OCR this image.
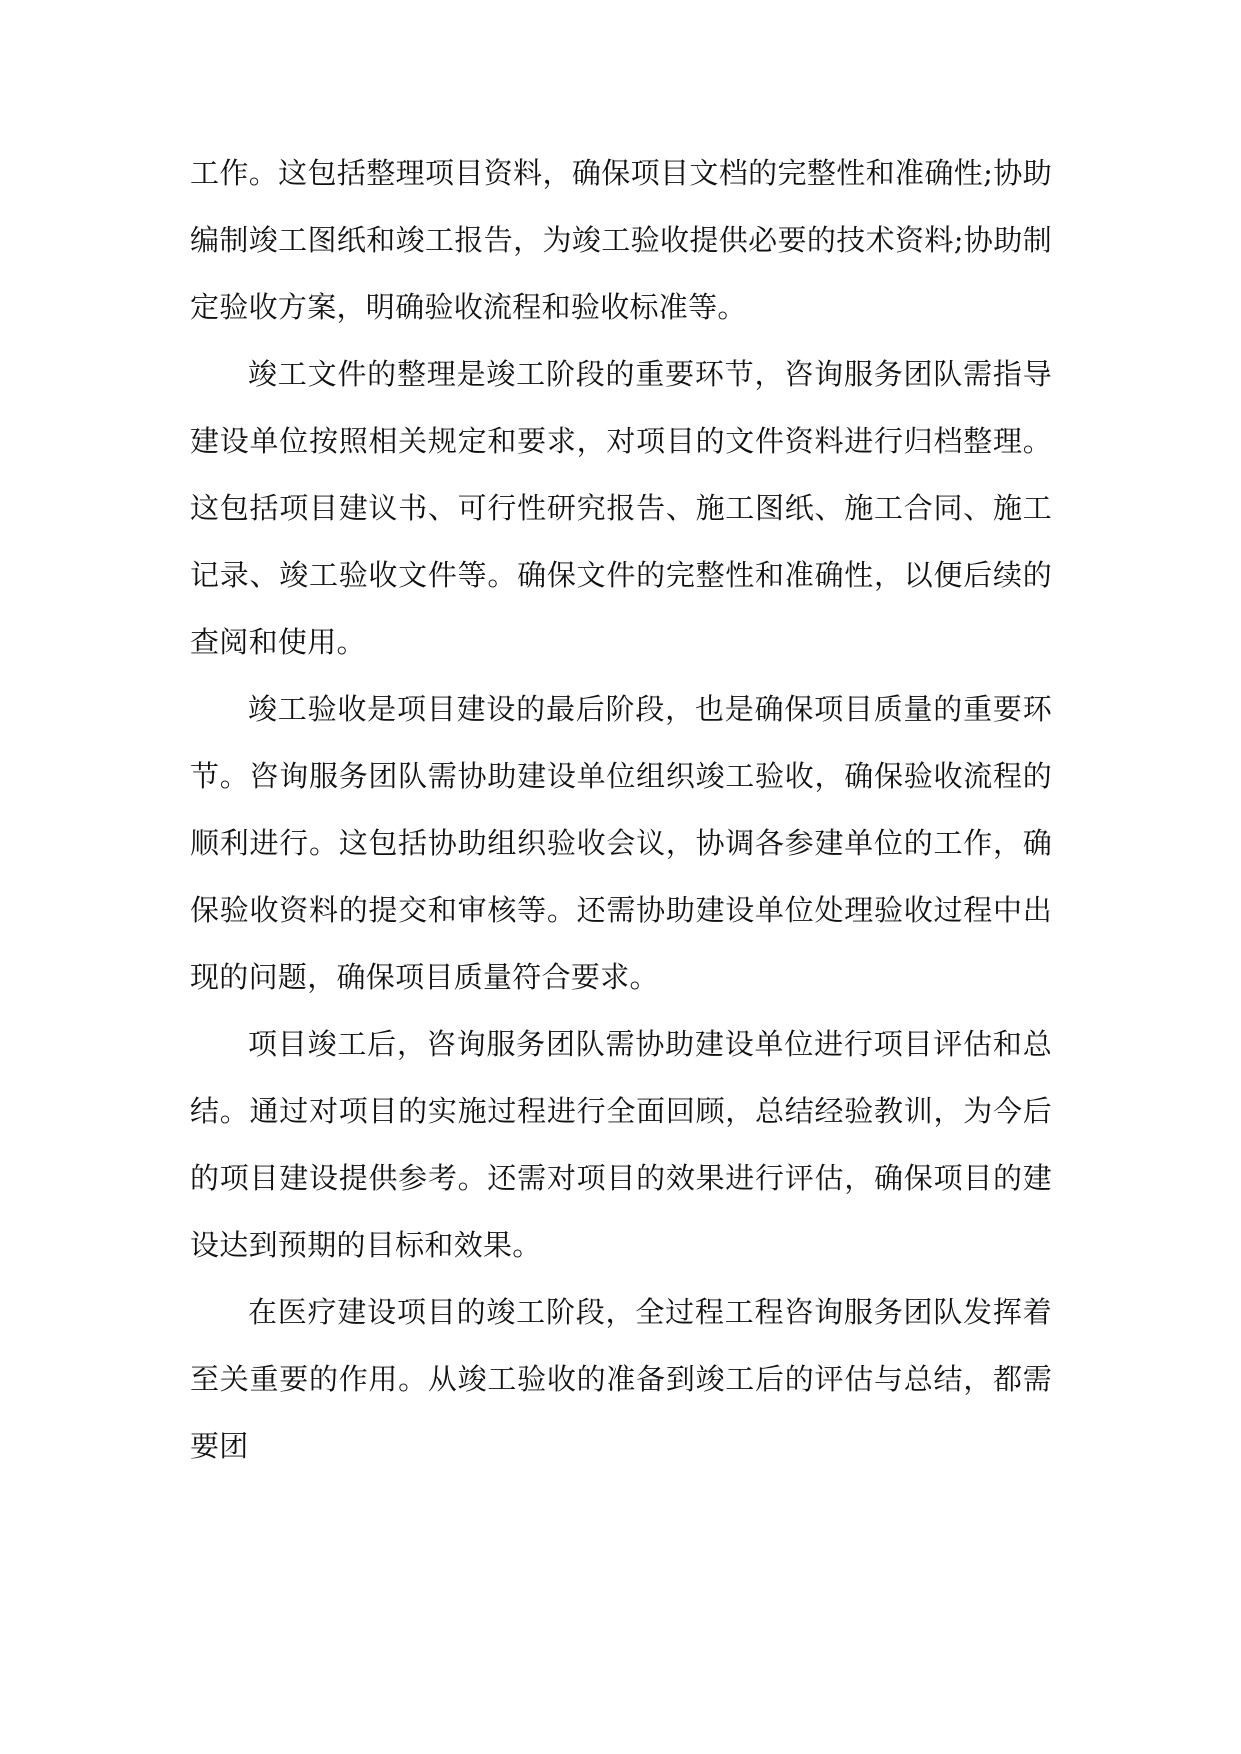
工作。这包括整理项目资料，确保项目文档的完整性和准确性;协助编制竣工图纸和竣工报告，为竣工验收提供必要的技术资料;协助制定验收方案，明确验收流程和验收标准等。

竣工文件的整理是竣工阶段的重要环节，咨询服务团队需指导建设单位按照相关规定和要求，对项目的文件资料进行归档整理。这包括项目建议书、可行性研究报告、施工图纸、施工合同、施工记录、竣工验收文件等。确保文件的完整性和准确性，以便后续的查阅和使用。

竣工验收是项目建设的最后阶段，也是确保项目质量的重要环节。咨询服务团队需协助建设单位组织竣工验收，确保验收流程的顺利进行。这包括协助组织验收会议，协调各参建单位的工作，确保验收资料的提交和审核等。还需协助建设单位处理验收过程中出现的问题，确保项目质量符合要求。

项目竣工后，咨询服务团队需协助建设单位进行项目评估和总结。通过对项目的实施过程进行全面回顾，总结经验教训，为今后的项目建设提供参考。还需对项目的效果进行评估，确保项目的建设达到预期的目标和效果。

在医疗建设项目的竣工阶段，全过程工程咨询服务团队发挥着至关重要的作用。从竣工验收的准备到竣工后的评估与总结，都需要团
